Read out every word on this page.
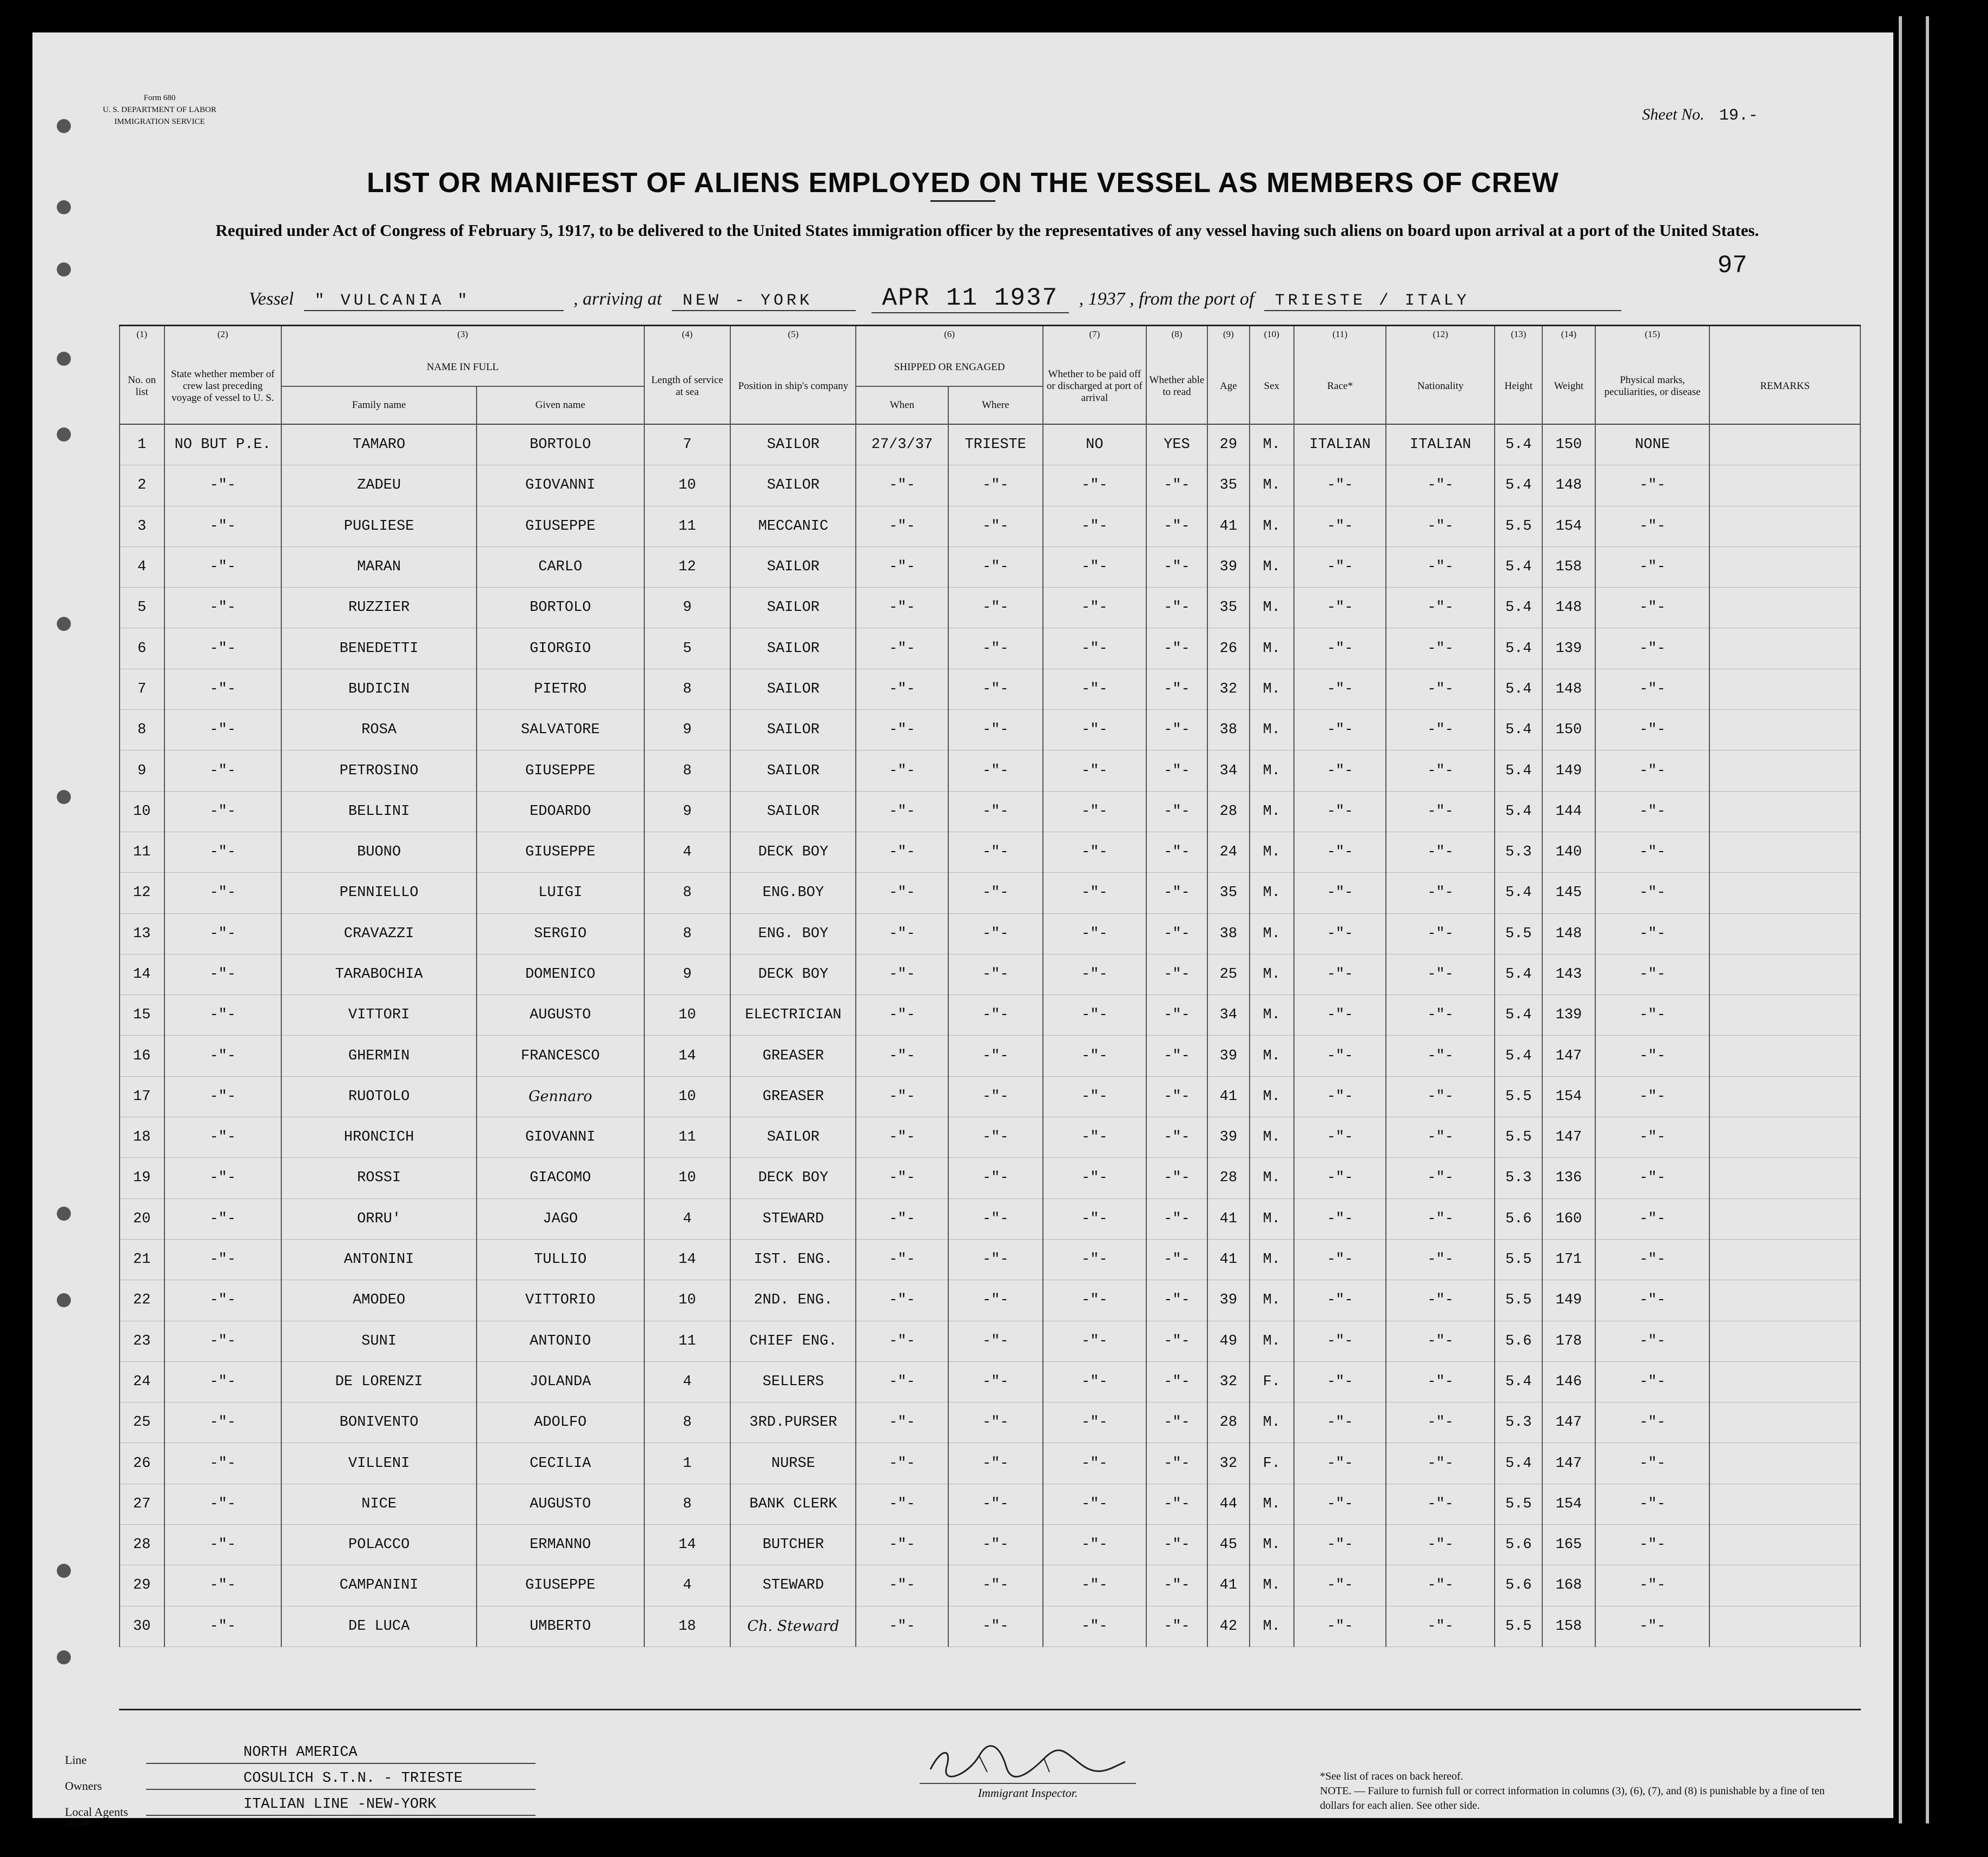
Form 680
U. S. DEPARTMENT OF LABOR
IMMIGRATION SERVICE	Sheet No. 19.-
97
LIST OR MANIFEST OF ALIENS EMPLOYED ON THE VESSEL AS MEMBERS OF CREW
Required under Act of Congress of February 5, 1917, to be delivered to the United States immigration officer by the representatives of any vessel having such aliens on board upon arrival at a port of the United States.
Vessel " VULCANIA "	, arriving at NEW - YORK	APR 11 1937 , 1937 , from the port of TRIESTE / ITALY
(1)	(2)	(3)		(4)	(5)	(6)		(7)	(8)	(9)	(10)	(11)	(12)	(13)	(14)	(15)	
No. on list	State whether member of crew last preceding voyage of vessel to U. S.	NAME IN FULL		Length of service at sea	Position in ship's company	SHIPPED OR ENGAGED		Whether to be paid off or discharged at port of arrival	Whether able to read	Age	Sex	Race*	Nationality	Height	Weight	Physical marks, peculiarities, or disease	REMARKS
		Family name	Given name			When	Where										
1	NO BUT P.E.	TAMARO	BORTOLO	7	SAILOR	27/3/37	TRIESTE	NO	YES	29	M.	ITALIAN	ITALIAN	5.4	150	NONE	
2	-"-	ZADEU	GIOVANNI	10	SAILOR	-"-	-"-	-"-	-"-	35	M.	-"-	-"-	5.4	148	-"-	
3	-"-	PUGLIESE	GIUSEPPE	11	MECCANIC	-"-	-"-	-"-	-"-	41	M.	-"-	-"-	5.5	154	-"-	
4	-"-	MARAN	CARLO	12	SAILOR	-"-	-"-	-"-	-"-	39	M.	-"-	-"-	5.4	158	-"-	
5	-"-	RUZZIER	BORTOLO	9	SAILOR	-"-	-"-	-"-	-"-	35	M.	-"-	-"-	5.4	148	-"-	
6	-"-	BENEDETTI	GIORGIO	5	SAILOR	-"-	-"-	-"-	-"-	26	M.	-"-	-"-	5.4	139	-"-	
7	-"-	BUDICIN	PIETRO	8	SAILOR	-"-	-"-	-"-	-"-	32	M.	-"-	-"-	5.4	148	-"-	
8	-"-	ROSA	SALVATORE	9	SAILOR	-"-	-"-	-"-	-"-	38	M.	-"-	-"-	5.4	150	-"-	
9	-"-	PETROSINO	GIUSEPPE	8	SAILOR	-"-	-"-	-"-	-"-	34	M.	-"-	-"-	5.4	149	-"-	
10	-"-	BELLINI	EDOARDO	9	SAILOR	-"-	-"-	-"-	-"-	28	M.	-"-	-"-	5.4	144	-"-	
11	-"-	BUONO	GIUSEPPE	4	DECK BOY	-"-	-"-	-"-	-"-	24	M.	-"-	-"-	5.3	140	-"-	
12	-"-	PENNIELLO	LUIGI	8	ENG.BOY	-"-	-"-	-"-	-"-	35	M.	-"-	-"-	5.4	145	-"-	
13	-"-	CRAVAZZI	SERGIO	8	ENG. BOY	-"-	-"-	-"-	-"-	38	M.	-"-	-"-	5.5	148	-"-	
14	-"-	TARABOCHIA	DOMENICO	9	DECK BOY	-"-	-"-	-"-	-"-	25	M.	-"-	-"-	5.4	143	-"-	
15	-"-	VITTORI	AUGUSTO	10	ELECTRICIAN	-"-	-"-	-"-	-"-	34	M.	-"-	-"-	5.4	139	-"-	
16	-"-	GHERMIN	FRANCESCO	14	GREASER	-"-	-"-	-"-	-"-	39	M.	-"-	-"-	5.4	147	-"-	
17	-"-	RUOTOLO	Gennaro	10	GREASER	-"-	-"-	-"-	-"-	41	M.	-"-	-"-	5.5	154	-"-	
18	-"-	HRONCICH	GIOVANNI	11	SAILOR	-"-	-"-	-"-	-"-	39	M.	-"-	-"-	5.5	147	-"-	
19	-"-	ROSSI	GIACOMO	10	DECK BOY	-"-	-"-	-"-	-"-	28	M.	-"-	-"-	5.3	136	-"-	
20	-"-	ORRU'	JAGO	4	STEWARD	-"-	-"-	-"-	-"-	41	M.	-"-	-"-	5.6	160	-"-	
21	-"-	ANTONINI	TULLIO	14	IST. ENG.	-"-	-"-	-"-	-"-	41	M.	-"-	-"-	5.5	171	-"-	
22	-"-	AMODEO	VITTORIO	10	2ND. ENG.	-"-	-"-	-"-	-"-	39	M.	-"-	-"-	5.5	149	-"-	
23	-"-	SUNI	ANTONIO	11	CHIEF ENG.	-"-	-"-	-"-	-"-	49	M.	-"-	-"-	5.6	178	-"-	
24	-"-	DE LORENZI	JOLANDA	4	SELLERS	-"-	-"-	-"-	-"-	32	F.	-"-	-"-	5.4	146	-"-	
25	-"-	BONIVENTO	ADOLFO	8	3RD.PURSER	-"-	-"-	-"-	-"-	28	M.	-"-	-"-	5.3	147	-"-	
26	-"-	VILLENI	CECILIA	1	NURSE	-"-	-"-	-"-	-"-	32	F.	-"-	-"-	5.4	147	-"-	
27	-"-	NICE	AUGUSTO	8	BANK CLERK	-"-	-"-	-"-	-"-	44	M.	-"-	-"-	5.5	154	-"-	
28	-"-	POLACCO	ERMANNO	14	BUTCHER	-"-	-"-	-"-	-"-	45	M.	-"-	-"-	5.6	165	-"-	
29	-"-	CAMPANINI	GIUSEPPE	4	STEWARD	-"-	-"-	-"-	-"-	41	M.	-"-	-"-	5.6	168	-"-	
30	-"-	DE LUCA	UMBERTO	18	Ch. Steward	-"-	-"-	-"-	-"-	42	M.	-"-	-"-	5.5	158	-"-	
Line	NORTH AMERICA
Owners	COSULICH S.T.N. - TRIESTE
Local Agents	ITALIAN LINE -NEW-YORK
14-1240
Immigrant Inspector.
*See list of races on back hereof.
NOTE. — Failure to furnish full or correct information in columns (3), (6), (7), and (8) is punishable by a fine of ten dollars for each alien. See other side.
